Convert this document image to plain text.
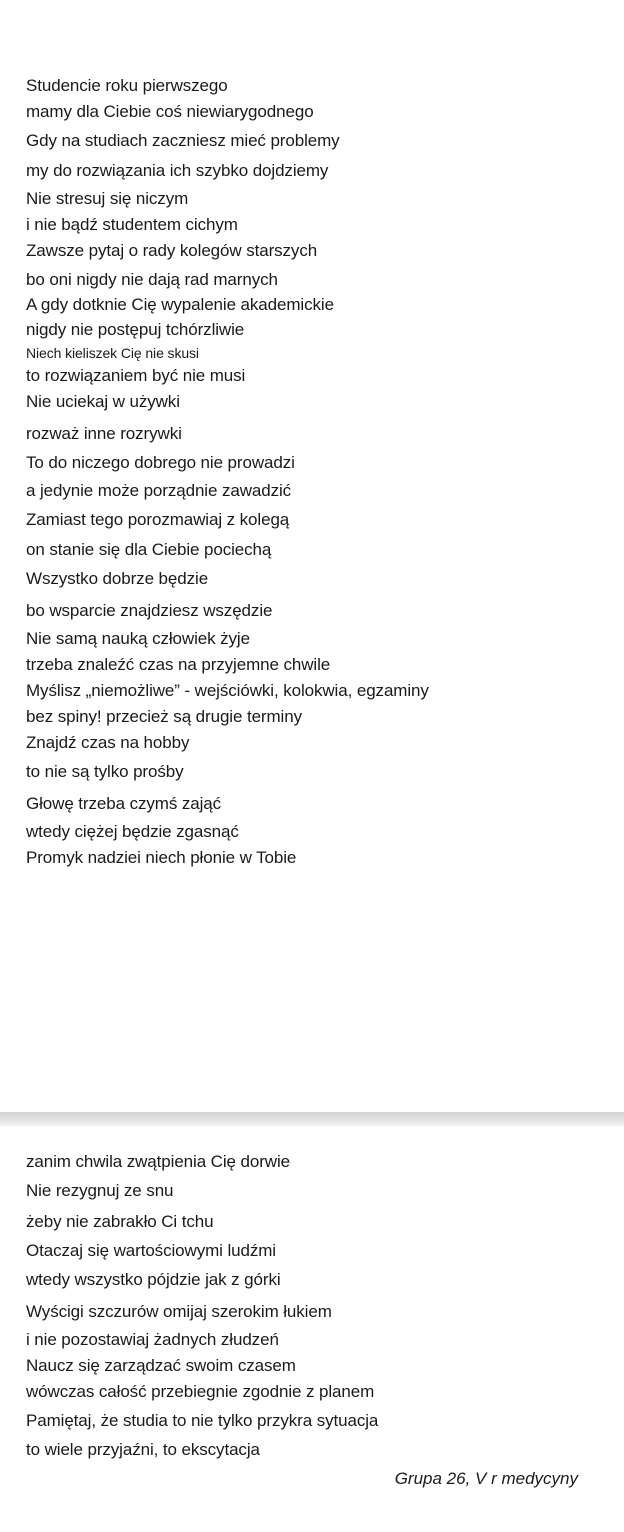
Studencie roku pierwszego
mamy dla Ciebie coś niewiarygodnego
Gdy na studiach zaczniesz mieć problemy
my do rozwiązania ich szybko dojdziemy
Nie stresuj się niczym
i nie bądź studentem cichym
Zawsze pytaj o rady kolegów starszych
bo oni nigdy nie dają rad marnych
A gdy dotknie Cię wypalenie akademickie
nigdy nie postępuj tchórzliwie
Niech kieliszek Cię nie skusi
to rozwiązaniem być nie musi
Nie uciekaj w używki
rozważ inne rozrywki
To do niczego dobrego nie prowadzi
a jedynie może porządnie zawadzić
Zamiast tego porozmawiaj z kolegą
on stanie się dla Ciebie pociechą
Wszystko dobrze będzie
bo wsparcie znajdziesz wszędzie
Nie samą nauką człowiek żyje
trzeba znaleźć czas na przyjemne chwile
Myślisz „niemożliwe” - wejściówki, kolokwia, egzaminy
bez spiny! przecież są drugie terminy
Znajdź czas na hobby
to nie są tylko prośby
Głowę trzeba czymś zająć
wtedy ciężej będzie zgasnąć
Promyk nadziei niech płonie w Tobie
zanim chwila zwątpienia Cię dorwie
Nie rezygnuj ze snu
żeby nie zabrakło Ci tchu
Otaczaj się wartościowymi ludźmi
wtedy wszystko pójdzie jak z górki
Wyścigi szczurów omijaj szerokim łukiem
i nie pozostawiaj żadnych złudzeń
Naucz się zarządzać swoim czasem
wówczas całość przebiegnie zgodnie z planem
Pamiętaj, że studia to nie tylko przykra sytuacja
to wiele przyjaźni, to ekscytacja
Grupa 26, V r medycyny
